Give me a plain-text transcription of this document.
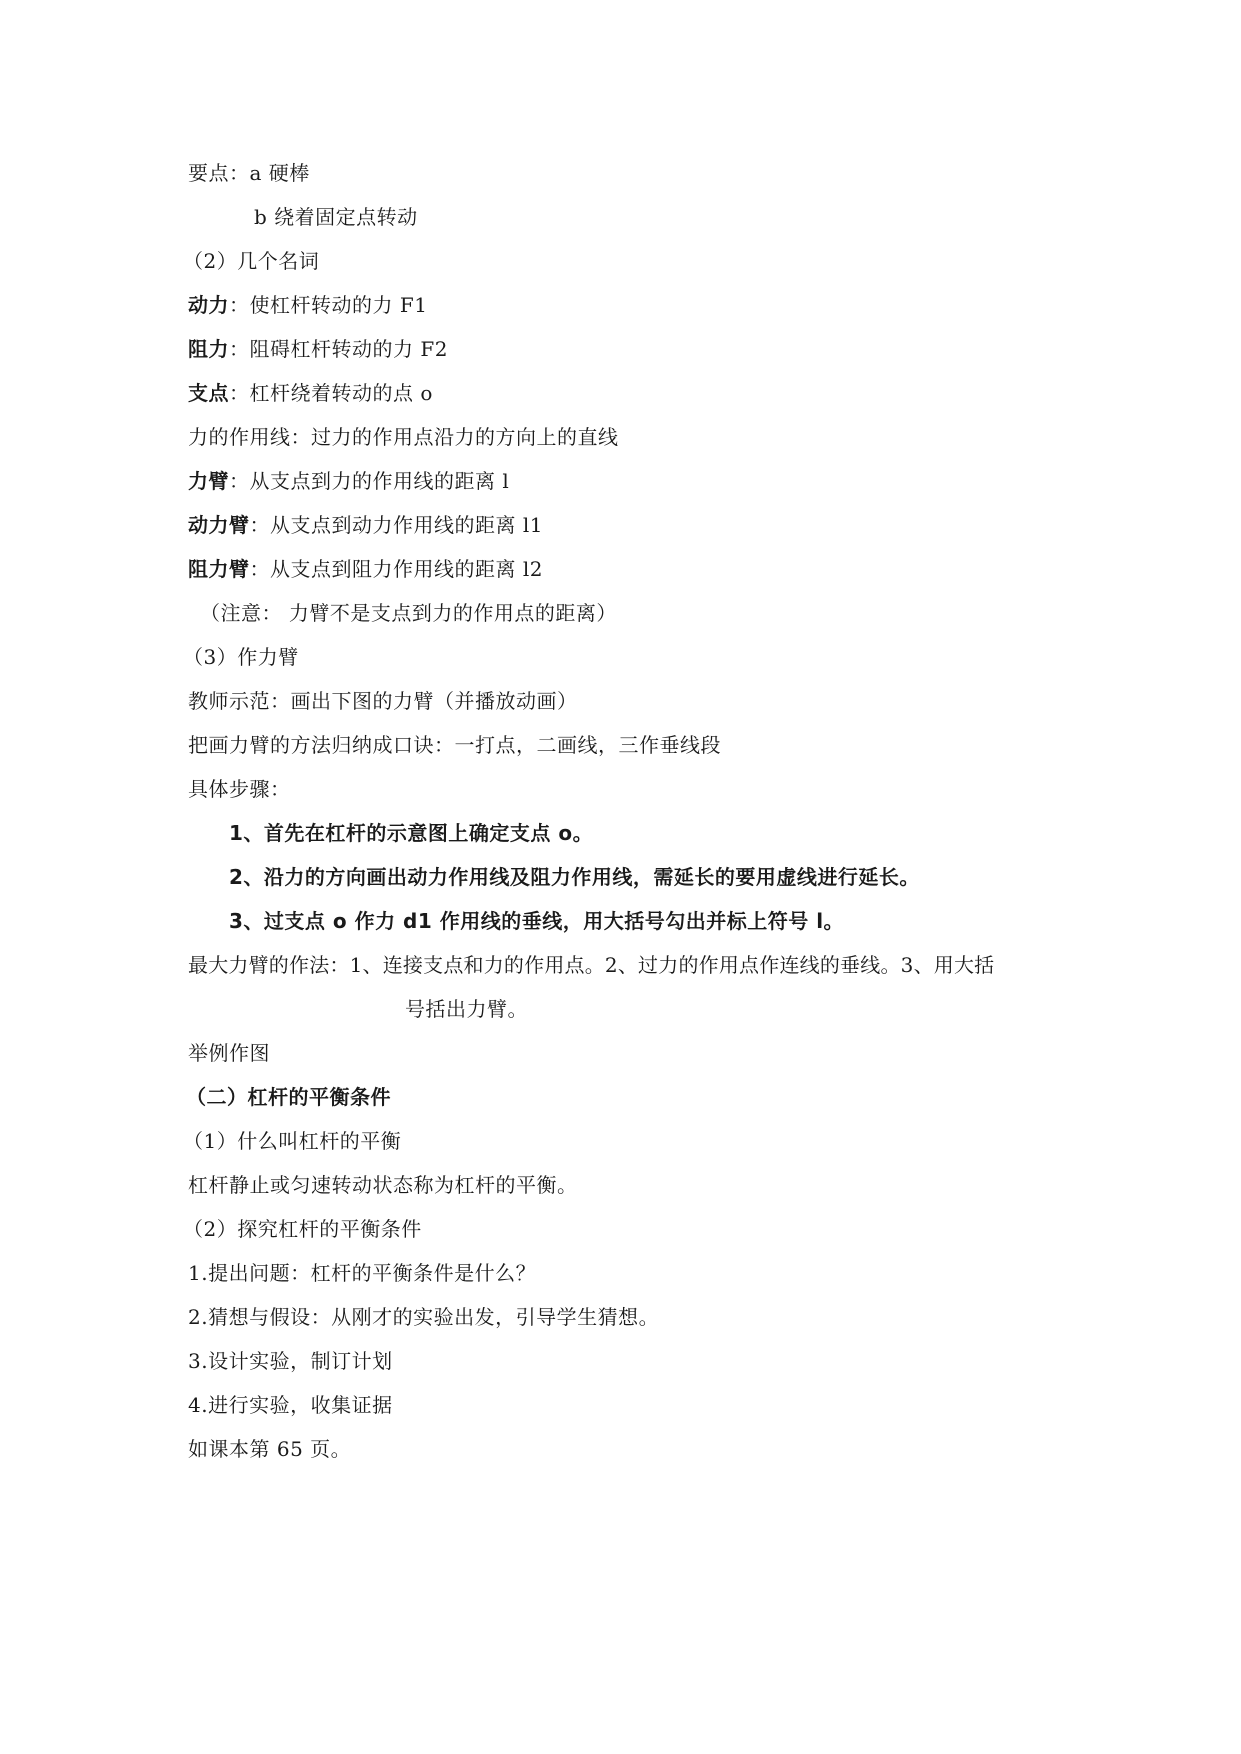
要点：a 硬棒
b 绕着固定点转动
（2）几个名词
动力：使杠杆转动的力 F1
阻力：阻碍杠杆转动的力 F2
支点：杠杆绕着转动的点 o
力的作用线：过力的作用点沿力的方向上的直线
力臂：从支点到力的作用线的距离 l
动力臂：从支点到动力作用线的距离 l1
阻力臂：从支点到阻力作用线的距离 l2
（注意： 力臂不是支点到力的作用点的距离）
（3）作力臂
教师示范：画出下图的力臂（并播放动画）
把画力臂的方法归纳成口诀：一打点，二画线，三作垂线段
具体步骤：
1、首先在杠杆的示意图上确定支点 o。
2、沿力的方向画出动力作用线及阻力作用线，需延长的要用虚线进行延长。
3、过支点 o 作力 d1 作用线的垂线，用大括号勾出并标上符号 l。
最大力臂的作法：1、连接支点和力的作用点。2、过力的作用点作连线的垂线。3、用大括
号括出力臂。
举例作图
（二）杠杆的平衡条件
（1）什么叫杠杆的平衡
杠杆静止或匀速转动状态称为杠杆的平衡。
（2）探究杠杆的平衡条件
1.提出问题：杠杆的平衡条件是什么？
2.猜想与假设：从刚才的实验出发，引导学生猜想。
3.设计实验，制订计划
4.进行实验，收集证据
如课本第 65 页。
